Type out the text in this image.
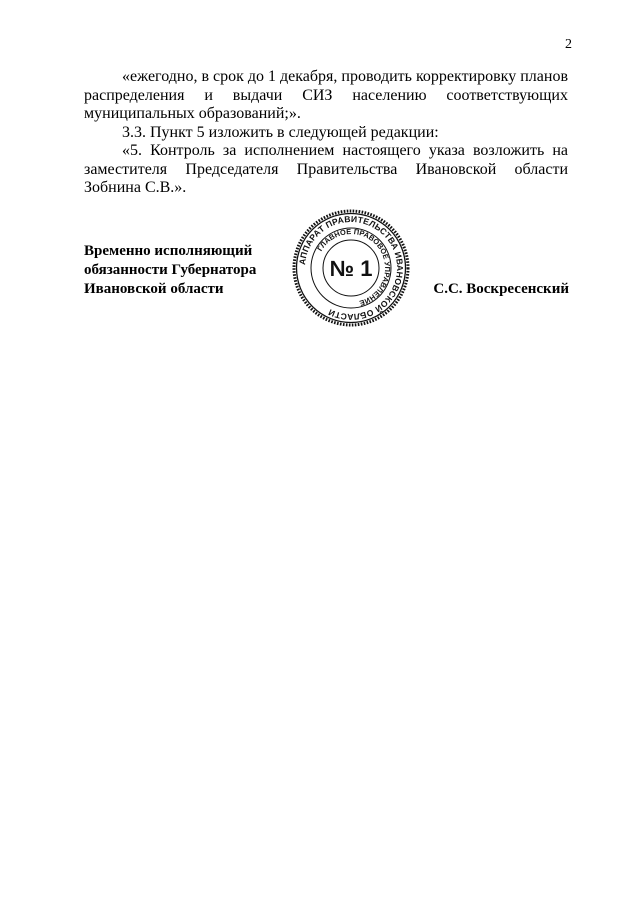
2

«ежегодно, в срок до 1 декабря, проводить корректировку планов распределения и выдачи СИЗ населению соответствующих муниципальных образований;».

3.3. Пункт 5 изложить в следующей редакции:

«5. Контроль за исполнением настоящего указа возложить на заместителя Председателя Правительства Ивановской области Зобнина С.В.».

Временно исполняющий
обязанности Губернатора
Ивановской области
АППАРАТ ПРАВИТЕЛЬСТВА ИВАНОВСКОЙ ОБЛАСТИ
ГЛАВНОЕ ПРАВОВОЕ УПРАВЛЕНИЕ
№ 1
С.С. Воскресенский
